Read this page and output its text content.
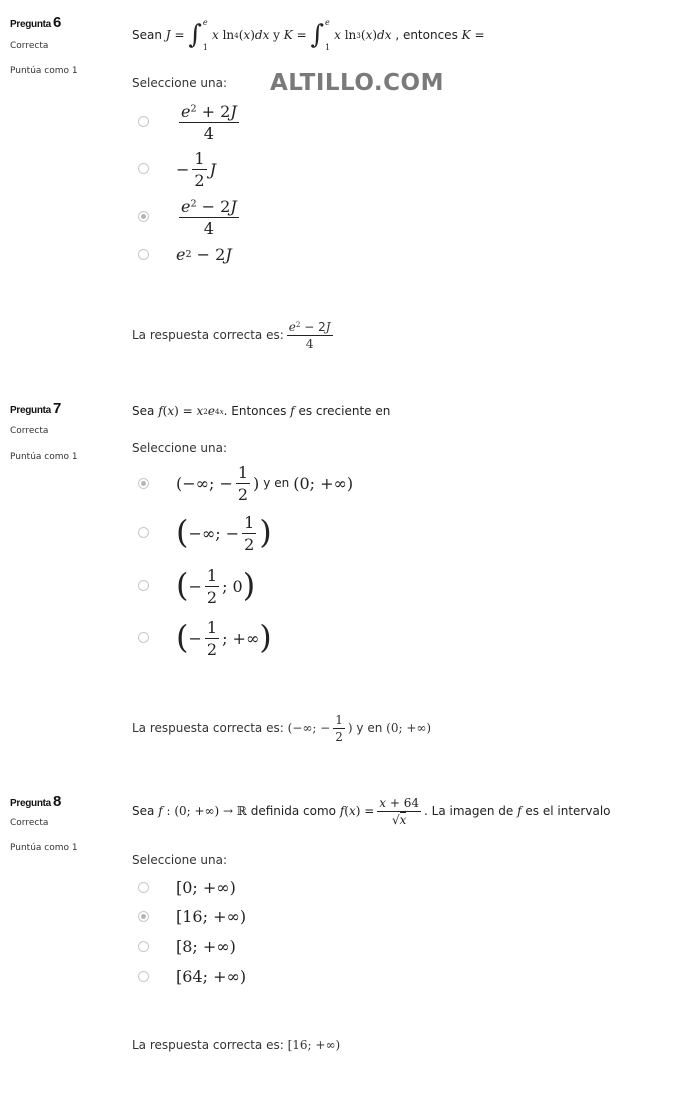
ALTILLO.COM
Pregunta 6
Correcta
Puntúa como 1
Sean
J
=
∫ e
1
x
ln 4 ( x ) dx
y
K
=
∫ e
1
x
ln 3 ( x ) dx
, entonces
K
=
Seleccione una:
$\frac{e^2 + 2J}{4}$
− $\frac{1}{2}$ J
$\frac{e^2 - 2J}{4}$
e 2 − 2 J
La respuesta correcta es: $\frac{e^2 - 2J}{4}$
Pregunta 7
Correcta
Puntúa como 1
Sea
f ( x )
=
x 2 e 4x . Entonces
f
es creciente en
Seleccione una:
(−∞; − $\frac{1}{2}$ ) y en (0; +∞)
( −∞; − $\frac{1}{2}$ )
( − $\frac{1}{2}$ ; 0 )
( − $\frac{1}{2}$ ; +∞ )
La respuesta correcta es:
(−∞; − $\frac{1}{2}$ )
y en
(0; +∞)
Pregunta 8
Correcta
Puntúa como 1
Sea
f
: (0; +∞) → ℝ
definida como
f ( x ) = $\frac{x + 64}{√x}$ . La imagen de
f
es el intervalo
Seleccione una:
[0; +∞)
[16; +∞)
[8; +∞)
[64; +∞)
La respuesta correcta es:
[16; +∞)
